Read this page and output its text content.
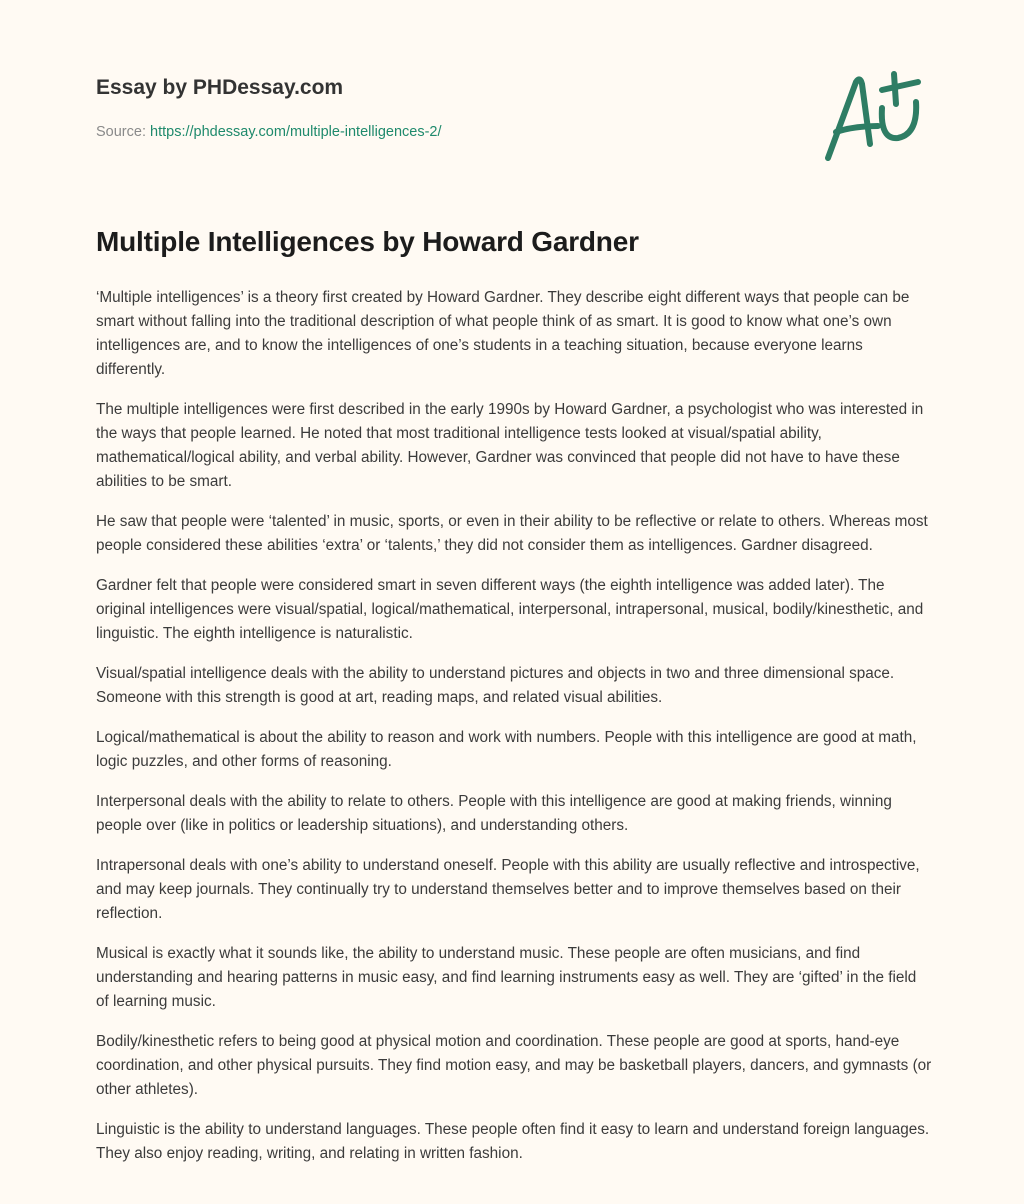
Essay by PHDessay.com
Source: https://phdessay.com/multiple-intelligences-2/
Multiple Intelligences by Howard Gardner

‘Multiple intelligences’ is a theory first created by Howard Gardner. They describe eight different ways that people can be smart without falling into the traditional description of what people think of as smart. It is good to know what one’s own intelligences are, and to know the intelligences of one’s students in a teaching situation, because everyone learns differently.

The multiple intelligences were first described in the early 1990s by Howard Gardner, a psychologist who was interested in the ways that people learned. He noted that most traditional intelligence tests looked at visual/spatial ability, mathematical/logical ability, and verbal ability. However, Gardner was convinced that people did not have to have these abilities to be smart.

He saw that people were ‘talented’ in music, sports, or even in their ability to be reflective or relate to others. Whereas most people considered these abilities ‘extra’ or ‘talents,’ they did not consider them as intelligences. Gardner disagreed.

Gardner felt that people were considered smart in seven different ways (the eighth intelligence was added later). The original intelligences were visual/spatial, logical/mathematical, interpersonal, intrapersonal, musical, bodily/kinesthetic, and linguistic. The eighth intelligence is naturalistic.

Visual/spatial intelligence deals with the ability to understand pictures and objects in two and three dimensional space. Someone with this strength is good at art, reading maps, and related visual abilities.

Logical/mathematical is about the ability to reason and work with numbers. People with this intelligence are good at math, logic puzzles, and other forms of reasoning.

Interpersonal deals with the ability to relate to others. People with this intelligence are good at making friends, winning people over (like in politics or leadership situations), and understanding others.

Intrapersonal deals with one’s ability to understand oneself. People with this ability are usually reflective and introspective, and may keep journals. They continually try to understand themselves better and to improve themselves based on their reflection.

Musical is exactly what it sounds like, the ability to understand music. These people are often musicians, and find understanding and hearing patterns in music easy, and find learning instruments easy as well. They are ‘gifted’ in the field of learning music.

Bodily/kinesthetic refers to being good at physical motion and coordination. These people are good at sports, hand-eye coordination, and other physical pursuits. They find motion easy, and may be basketball players, dancers, and gymnasts (or other athletes).

Linguistic is the ability to understand languages. These people often find it easy to learn and understand foreign languages. They also enjoy reading, writing, and relating in written fashion.
